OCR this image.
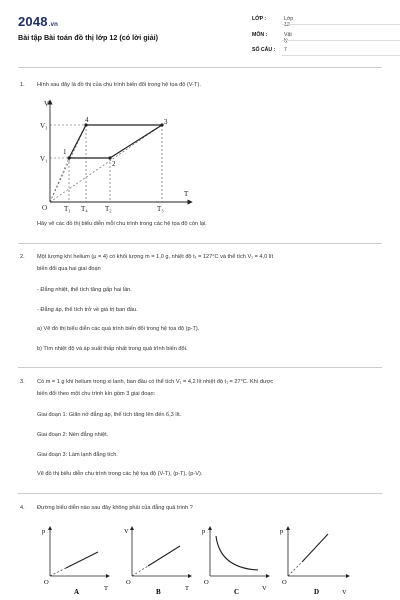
2048.vn
Bài tập Bài toán đồ thị lớp 12 (có lời giải)
LỚP :	Lớp 12
MÔN :	Vật lý
SỐ CÂU :	7
1. Hình sau đây là đồ thị của chu trình biến đổi trong hệ tọa độ (V-T).
V
T
O
V₃
V₁
T₁ T₄ T₂	T₃
1
2
3
4
Hãy vẽ các đồ thị biểu diễn mỗi chu trình trong các hệ tọa độ còn lại.
2. Một lượng khí helium (μ = 4) có khối lượng m = 1,0 g, nhiệt độ t₁ = 127°C và thể tích V₁ = 4,0 lít
biến đổi qua hai giai đoạn
- Đẳng nhiệt, thể tích tăng gấp hai lần.
- Đẳng áp, thể tích trở về giá trị ban đầu.
a) Vẽ đồ thị biểu diễn các quá trình biến đổi trong hệ tọa độ (p-T).
b) Tìm nhiệt độ và áp suất thấp nhất trong quá trình biến đổi.
3. Có m = 1 g khí helium trong xi lanh, ban đầu có thể tích V₁ = 4,2 lít nhiệt độ t₁ = 27°C. Khí được
biến đổi theo một chu trình kín gồm 3 giai đoạn:
Giai đoạn 1: Giãn nở đẳng áp, thể tích tăng lên đến 6,3 lít.
Giai đoạn 2: Nén đẳng nhiệt.
Giai đoạn 3: Làm lạnh đẳng tích.
Vẽ đồ thị biểu diễn chu trình trong các hệ tọa độ (V-T), (p-T), (p-V).
4. Đường biểu diễn nào sau đây không phải của đẳng quá trình ?
p
O
T
A
V
O
T
B
p
O
V
C
p
O
V
D
